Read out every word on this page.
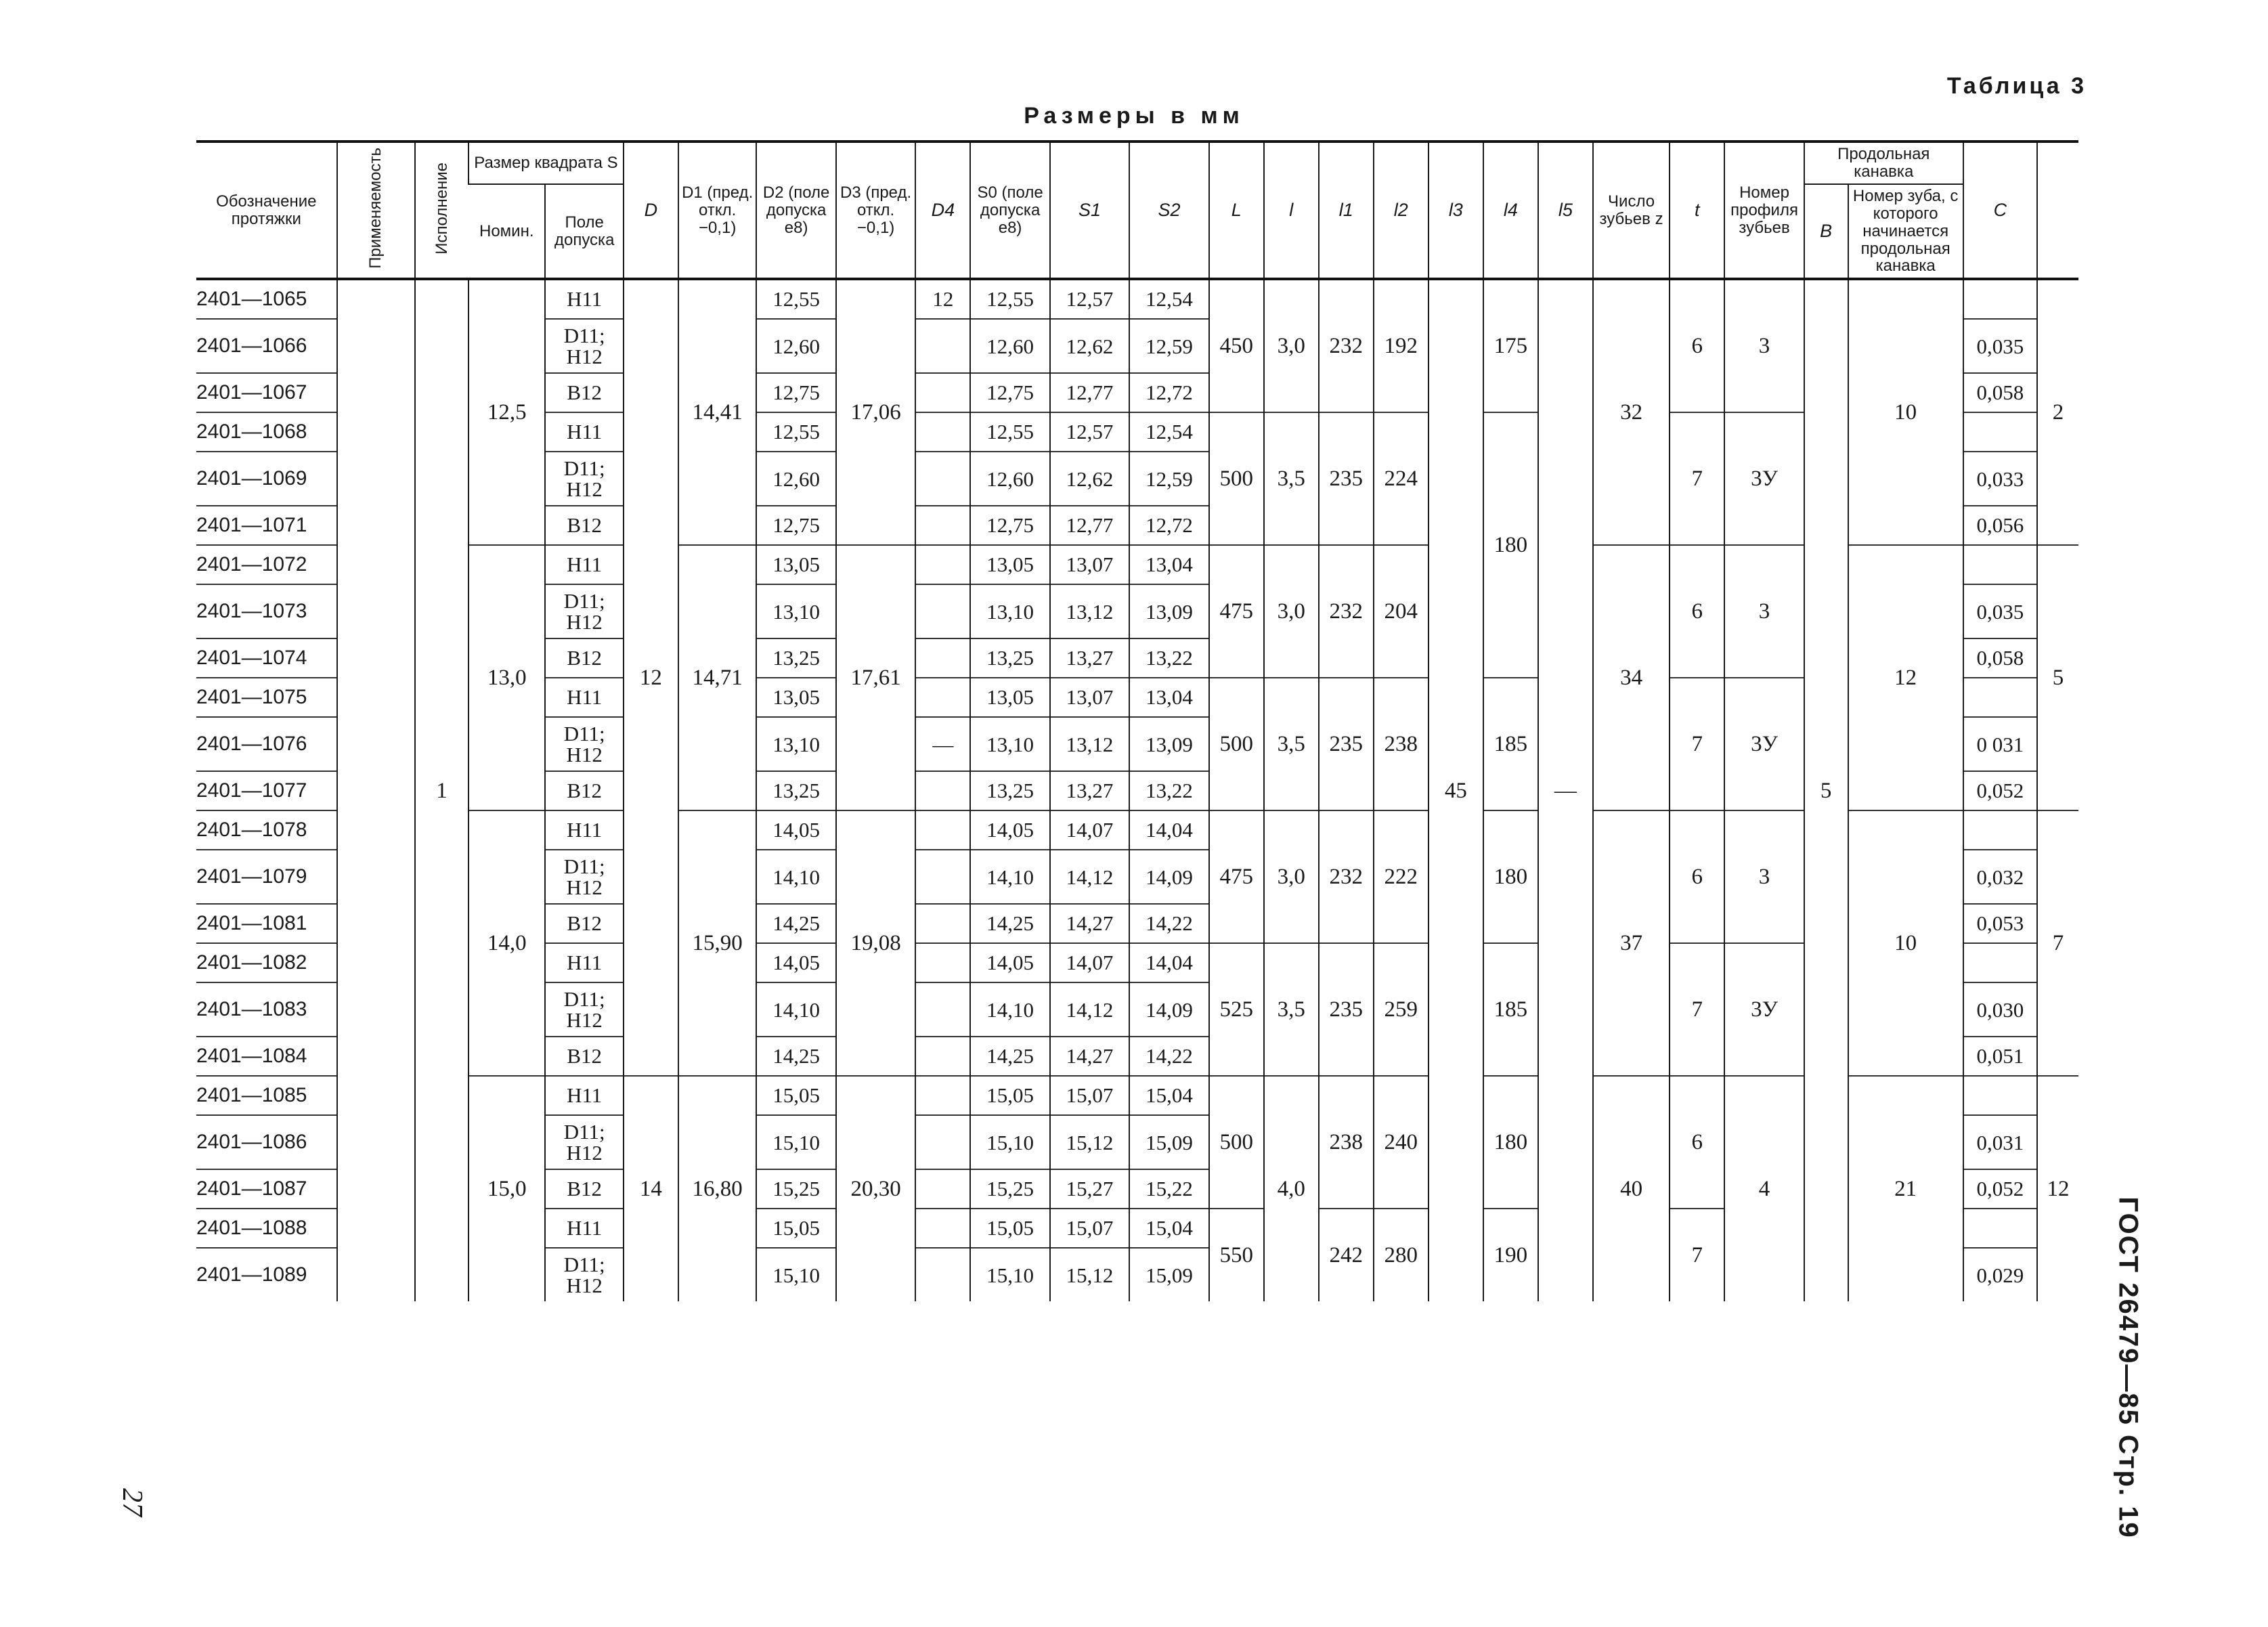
Таблица 3
Размеры в мм
Обозначение протяжки	Применяемость	Исполнение	Размер квадрата S		D	D1 (пред. откл. −0,1)	D2 (поле допуска e8)	D3 (пред. откл. −0,1)	D4	S0 (поле допуска e8)	S1	S2	L	l	l1	l2	l3	l4	l5	Число зубьев z	t	Номер профиля зубьев	Продольная канавка		C	
			Номин.	Поле допуска																			B	Номер зуба, с которого начинается продольная канавка		
2401—1065		1	12,5	H11	12	14,41	12,55	17,06	12	12,55	12,57	12,54	450	3,0	232	192	45	175	—	32	6	3	5	10		2
2401—1066				D11; H12			12,60			12,60	12,62	12,59													0,035	
2401—1067				B12			12,75			12,75	12,77	12,72													0,058	
2401—1068				H11			12,55			12,55	12,57	12,54	500	3,5	235	224		180			7	3У				
2401—1069				D11; H12			12,60			12,60	12,62	12,59													0,033	
2401—1071				B12			12,75			12,75	12,77	12,72													0,056	
2401—1072			13,0	H11		14,71	13,05	17,61		13,05	13,07	13,04	475	3,0	232	204				34	6	3		12		5
2401—1073				D11; H12			13,10			13,10	13,12	13,09													0,035	
2401—1074				B12			13,25			13,25	13,27	13,22													0,058	
2401—1075				H11			13,05			13,05	13,07	13,04	500	3,5	235	238		185			7	3У				
2401—1076				D11; H12			13,10		—	13,10	13,12	13,09													0 031	
2401—1077				B12			13,25			13,25	13,27	13,22													0,052	
2401—1078			14,0	H11		15,90	14,05	19,08		14,05	14,07	14,04	475	3,0	232	222		180		37	6	3		10		7
2401—1079				D11; H12			14,10			14,10	14,12	14,09													0,032	
2401—1081				B12			14,25			14,25	14,27	14,22													0,053	
2401—1082				H11			14,05			14,05	14,07	14,04	525	3,5	235	259		185			7	3У				
2401—1083				D11; H12			14,10			14,10	14,12	14,09													0,030	
2401—1084				B12			14,25			14,25	14,27	14,22													0,051	
2401—1085			15,0	H11	14	16,80	15,05	20,30		15,05	15,07	15,04	500	4,0	238	240		180		40	6	4		21		12
2401—1086				D11; H12			15,10			15,10	15,12	15,09													0,031	
2401—1087				B12			15,25			15,25	15,27	15,22													0,052	
2401—1088				H11			15,05			15,05	15,07	15,04	550		242	280		190			7					
2401—1089				D11; H12			15,10			15,10	15,12	15,09													0,029		ГОСТ 26479—85 Стр. 19
27
